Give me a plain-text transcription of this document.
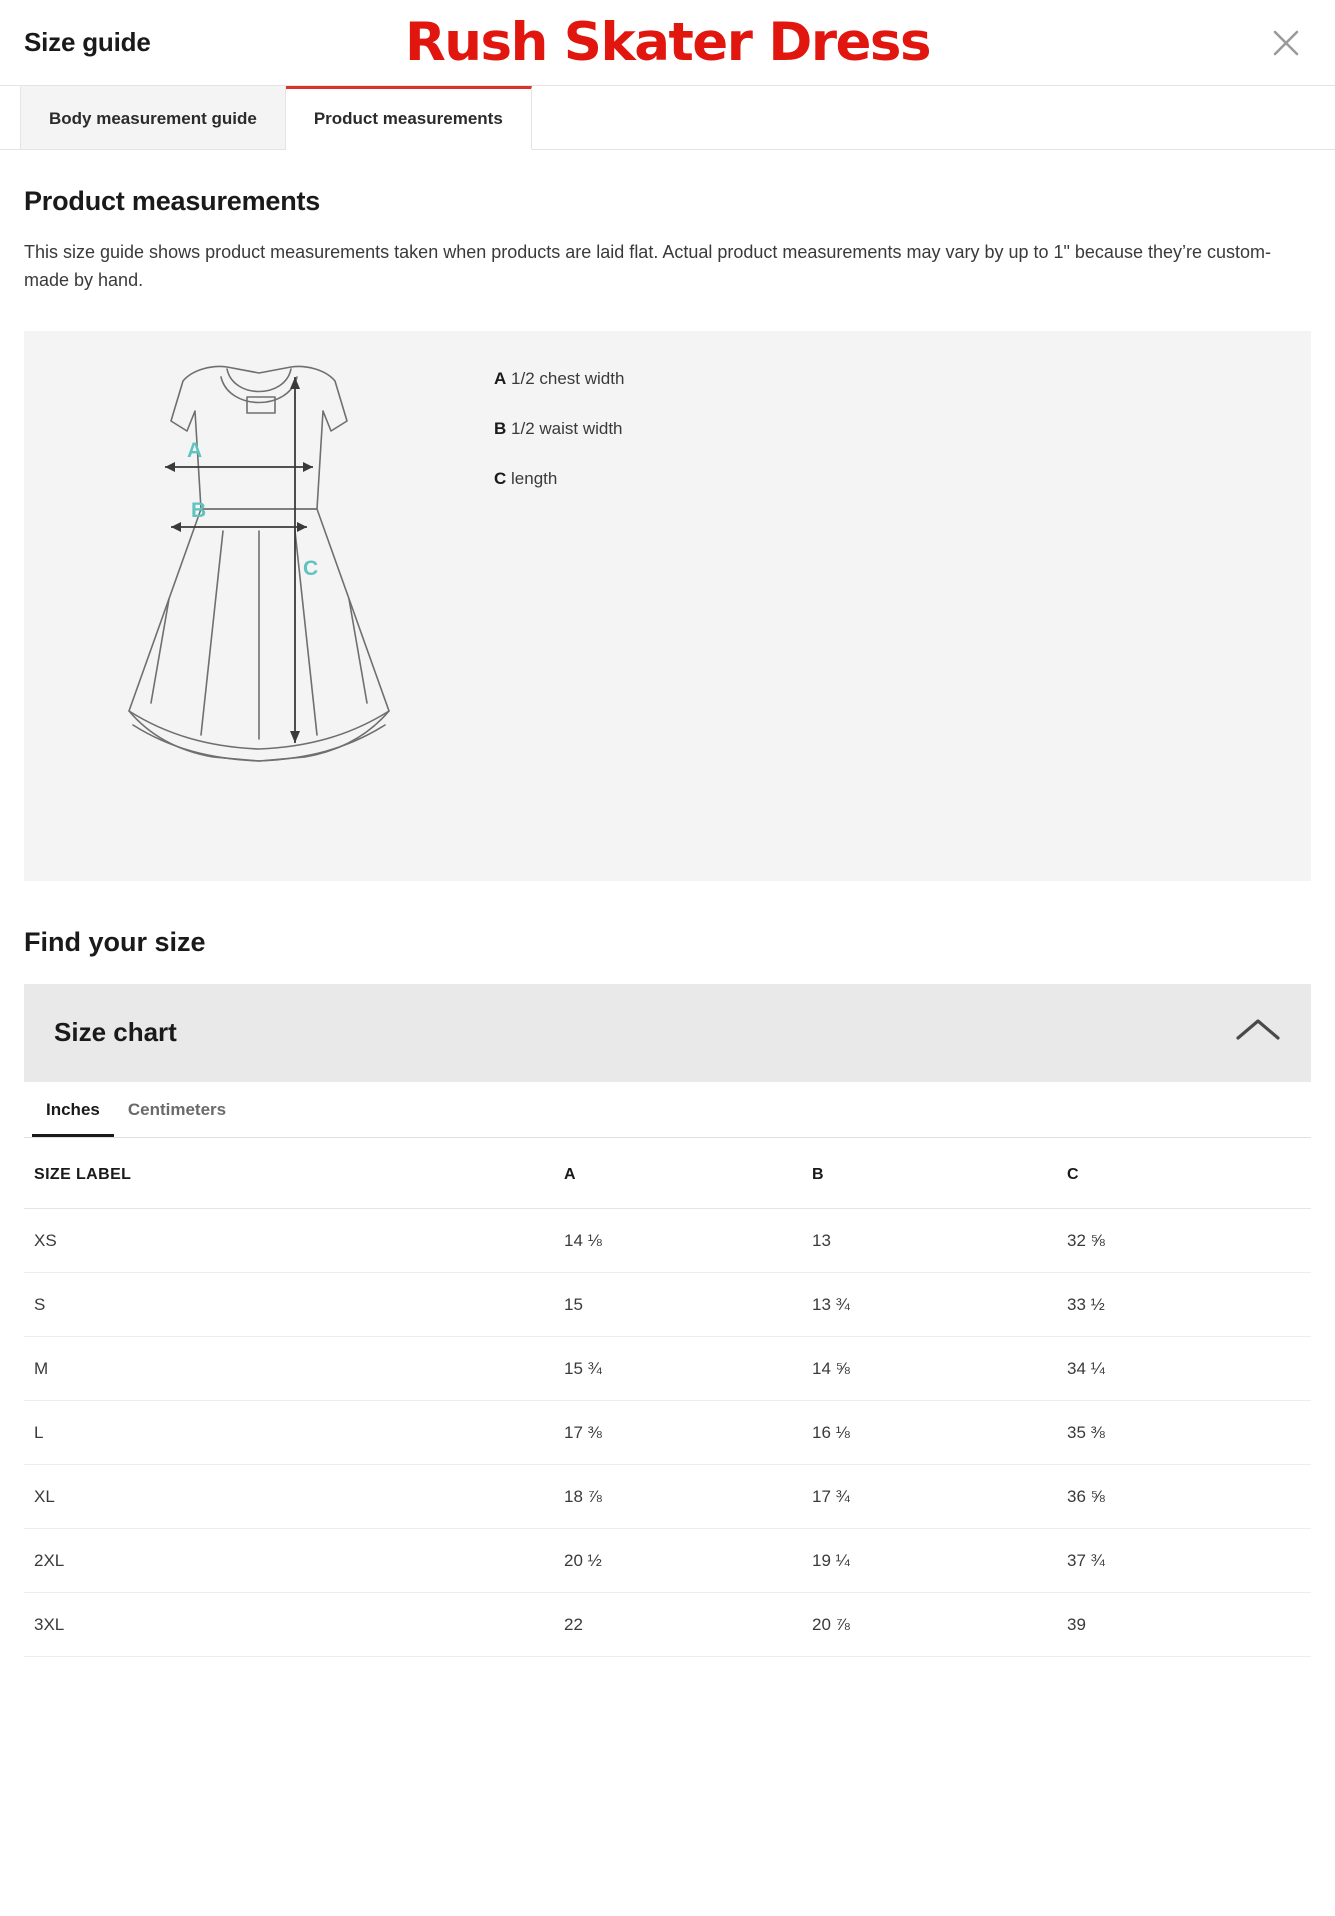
Size guide	Rush Skater Dress
Body measurement guide	Product measurements
Product measurements

This size guide shows product measurements taken when products are laid flat. Actual product measurements may vary by up to 1" because they’re custom-made by hand.

A
B
C
A 1/2 chest width
B 1/2 waist width
C length
Find your size
Size chart
Inches	Centimeters
SIZE LABEL	A	B	C
XS	14 ⅛	13	32 ⅝
S	15	13 ¾	33 ½
M	15 ¾	14 ⅝	34 ¼
L	17 ⅜	16 ⅛	35 ⅜
XL	18 ⅞	17 ¾	36 ⅝
2XL	20 ½	19 ¼	37 ¾
3XL	22	20 ⅞	39
